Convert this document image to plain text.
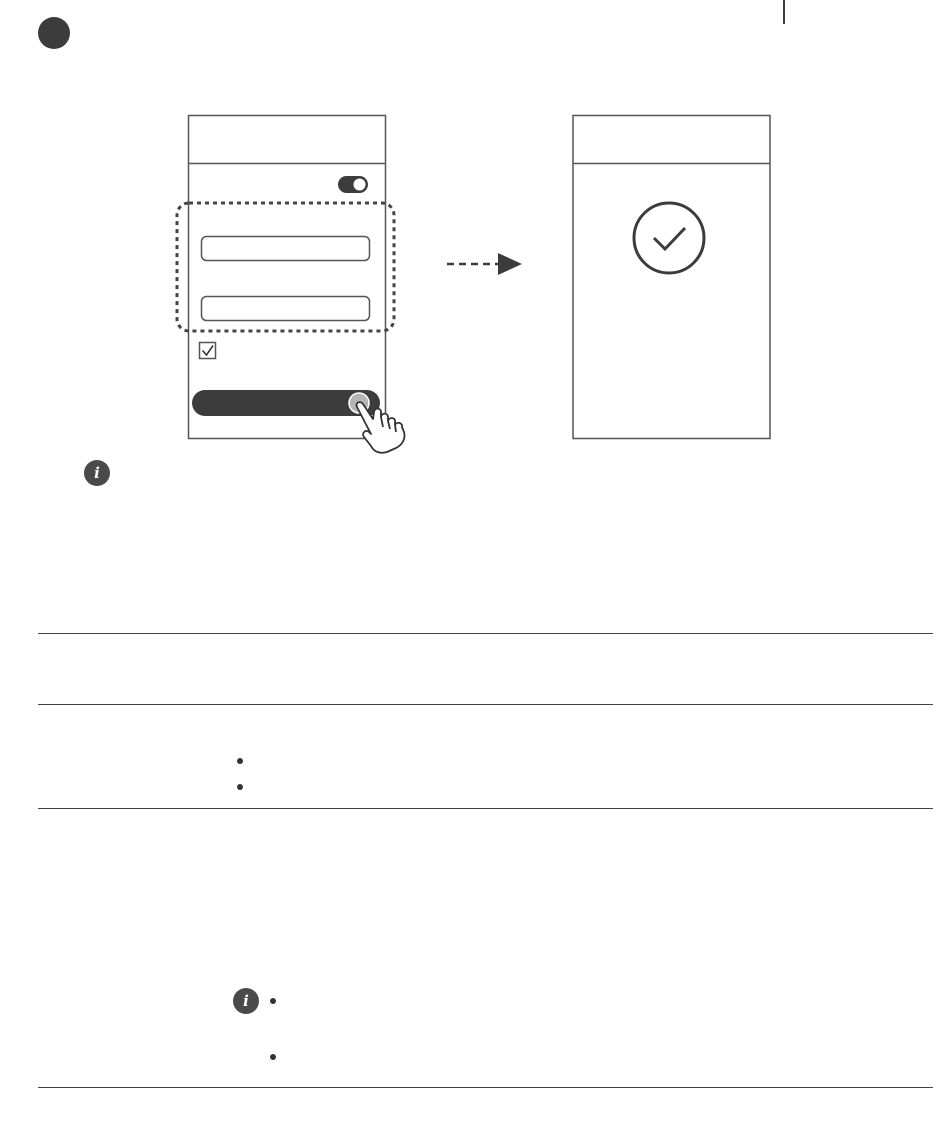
i
i
